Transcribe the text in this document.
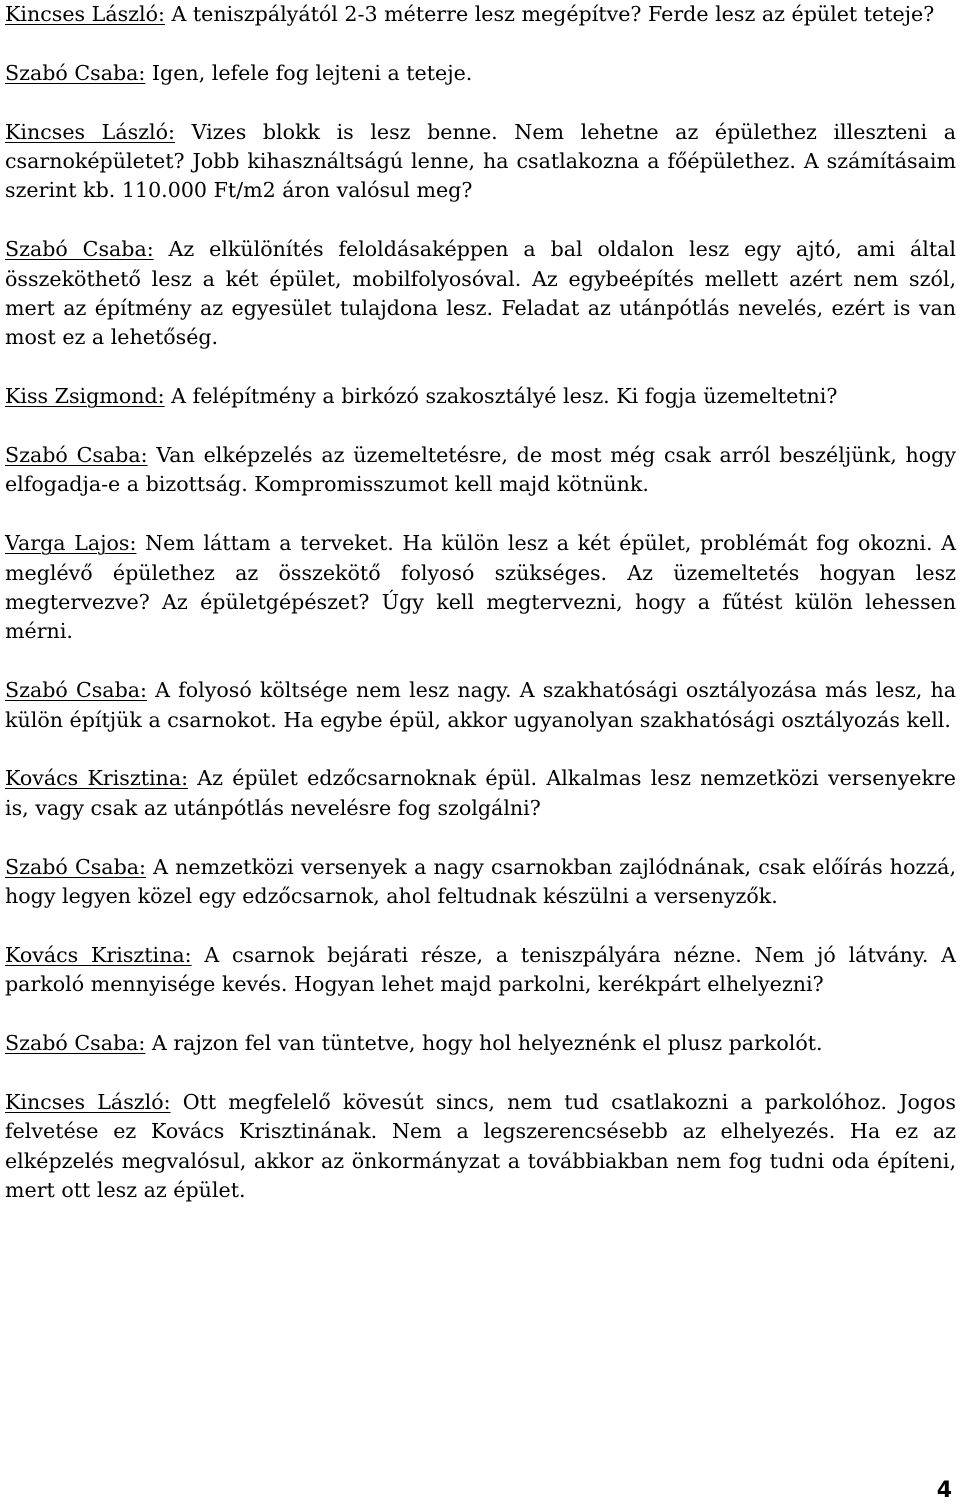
Kincses László: A teniszpályától 2-3 méterre lesz megépítve? Ferde lesz az épület teteje?

Szabó Csaba: Igen, lefele fog lejteni a teteje.

Kincses László: Vizes blokk is lesz benne. Nem lehetne az épülethez illeszteni a csarnoképületet? Jobb kihasználtságú lenne, ha csatlakozna a főépülethez. A számításaim szerint kb. 110.000 Ft/m2 áron valósul meg?

Szabó Csaba: Az elkülönítés feloldásaképpen a bal oldalon lesz egy ajtó, ami által összeköthető lesz a két épület, mobilfolyosóval. Az egybeépítés mellett azért nem szól, mert az építmény az egyesület tulajdona lesz. Feladat az utánpótlás nevelés, ezért is van most ez a lehetőség.

Kiss Zsigmond: A felépítmény a birkózó szakosztályé lesz. Ki fogja üzemeltetni?

Szabó Csaba: Van elképzelés az üzemeltetésre, de most még csak arról beszéljünk, hogy elfogadja-e a bizottság. Kompromisszumot kell majd kötnünk.

Varga Lajos: Nem láttam a terveket. Ha külön lesz a két épület, problémát fog okozni. A meglévő épülethez az összekötő folyosó szükséges. Az üzemeltetés hogyan lesz megtervezve? Az épületgépészet? Úgy kell megtervezni, hogy a fűtést külön lehessen mérni.

Szabó Csaba: A folyosó költsége nem lesz nagy. A szakhatósági osztályozása más lesz, ha külön építjük a csarnokot. Ha egybe épül, akkor ugyanolyan szakhatósági osztályozás kell.

Kovács Krisztina: Az épület edzőcsarnoknak épül. Alkalmas lesz nemzetközi versenyekre is, vagy csak az utánpótlás nevelésre fog szolgálni?

Szabó Csaba: A nemzetközi versenyek a nagy csarnokban zajlódnának, csak előírás hozzá, hogy legyen közel egy edzőcsarnok, ahol feltudnak készülni a versenyzők.

Kovács Krisztina: A csarnok bejárati része, a teniszpályára nézne. Nem jó látvány. A parkoló mennyisége kevés. Hogyan lehet majd parkolni, kerékpárt elhelyezni?

Szabó Csaba: A rajzon fel van tüntetve, hogy hol helyeznénk el plusz parkolót.

Kincses László: Ott megfelelő kövesút sincs, nem tud csatlakozni a parkolóhoz. Jogos felvetése ez Kovács Krisztinának. Nem a legszerencsésebb az elhelyezés. Ha ez az elképzelés megvalósul, akkor az önkormányzat a továbbiakban nem fog tudni oda építeni, mert ott lesz az épület.

4
